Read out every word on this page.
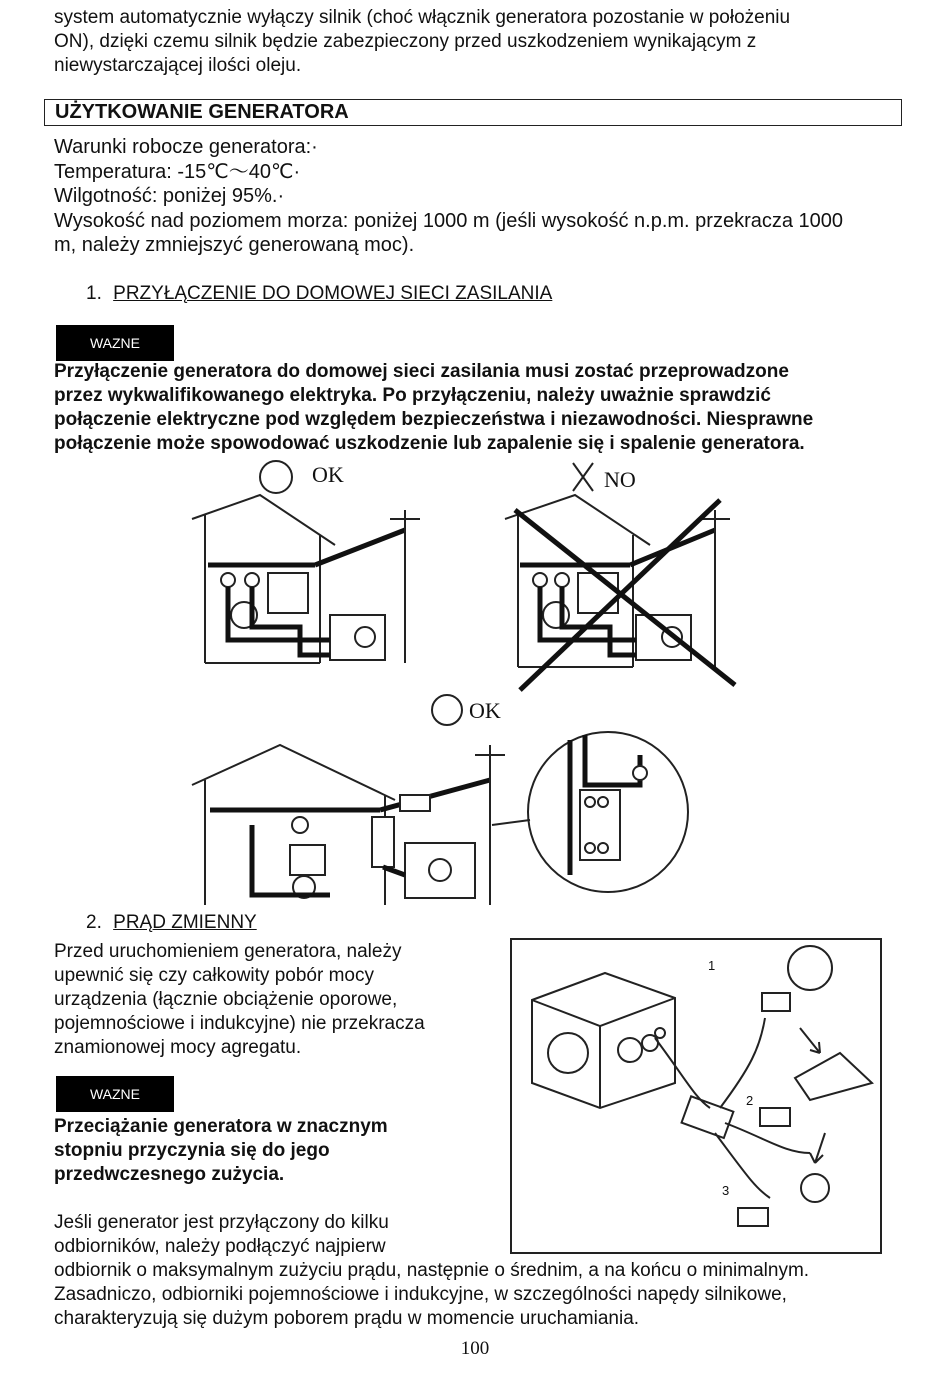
system automatycznie wyłączy silnik (choć włącznik generatora pozostanie w położeniu
ON), dzięki czemu silnik będzie zabezpieczony przed uszkodzeniem wynikającym z
niewystarczającej ilości oleju.
UŻYTKOWANIE GENERATORA
Warunki robocze generatora:·
Temperatura: -15℃～40℃·
Wilgotność: poniżej 95%.·
Wysokość nad poziomem morza: poniżej 1000 m (jeśli wysokość n.p.m. przekracza 1000
m, należy zmniejszyć generowaną moc).
1. PRZYŁĄCZENIE DO DOMOWEJ SIECI ZASILANIA
WAZNE
Przyłączenie generatora do domowej sieci zasilania musi zostać przeprowadzone
przez wykwalifikowanego elektryka. Po przyłączeniu, należy uważnie sprawdzić
połączenie elektryczne pod względem bezpieczeństwa i niezawodności. Niesprawne
połączenie może spowodować uszkodzenie lub zapalenie się i spalenie generatora.
OK	NO
OK
2. PRĄD ZMIENNY
Przed uruchomieniem generatora, należy
upewnić się czy całkowity pobór mocy
urządzenia (łącznie obciążenie oporowe,
pojemnościowe i indukcyjne) nie przekracza
znamionowej mocy agregatu.
WAZNE
Przeciążanie generatora w znacznym
stopniu przyczynia się do jego
przedwczesnego zużycia.
Jeśli generator jest przyłączony do kilku
odbiorników, należy podłączyć najpierw
odbiornik o maksymalnym zużyciu prądu, następnie o średnim, a na końcu o minimalnym.
Zasadniczo, odbiorniki pojemnościowe i indukcyjne, w szczególności napędy silnikowe,
charakteryzują się dużym poborem prądu w momencie uruchamiania.
1
2
3
100
